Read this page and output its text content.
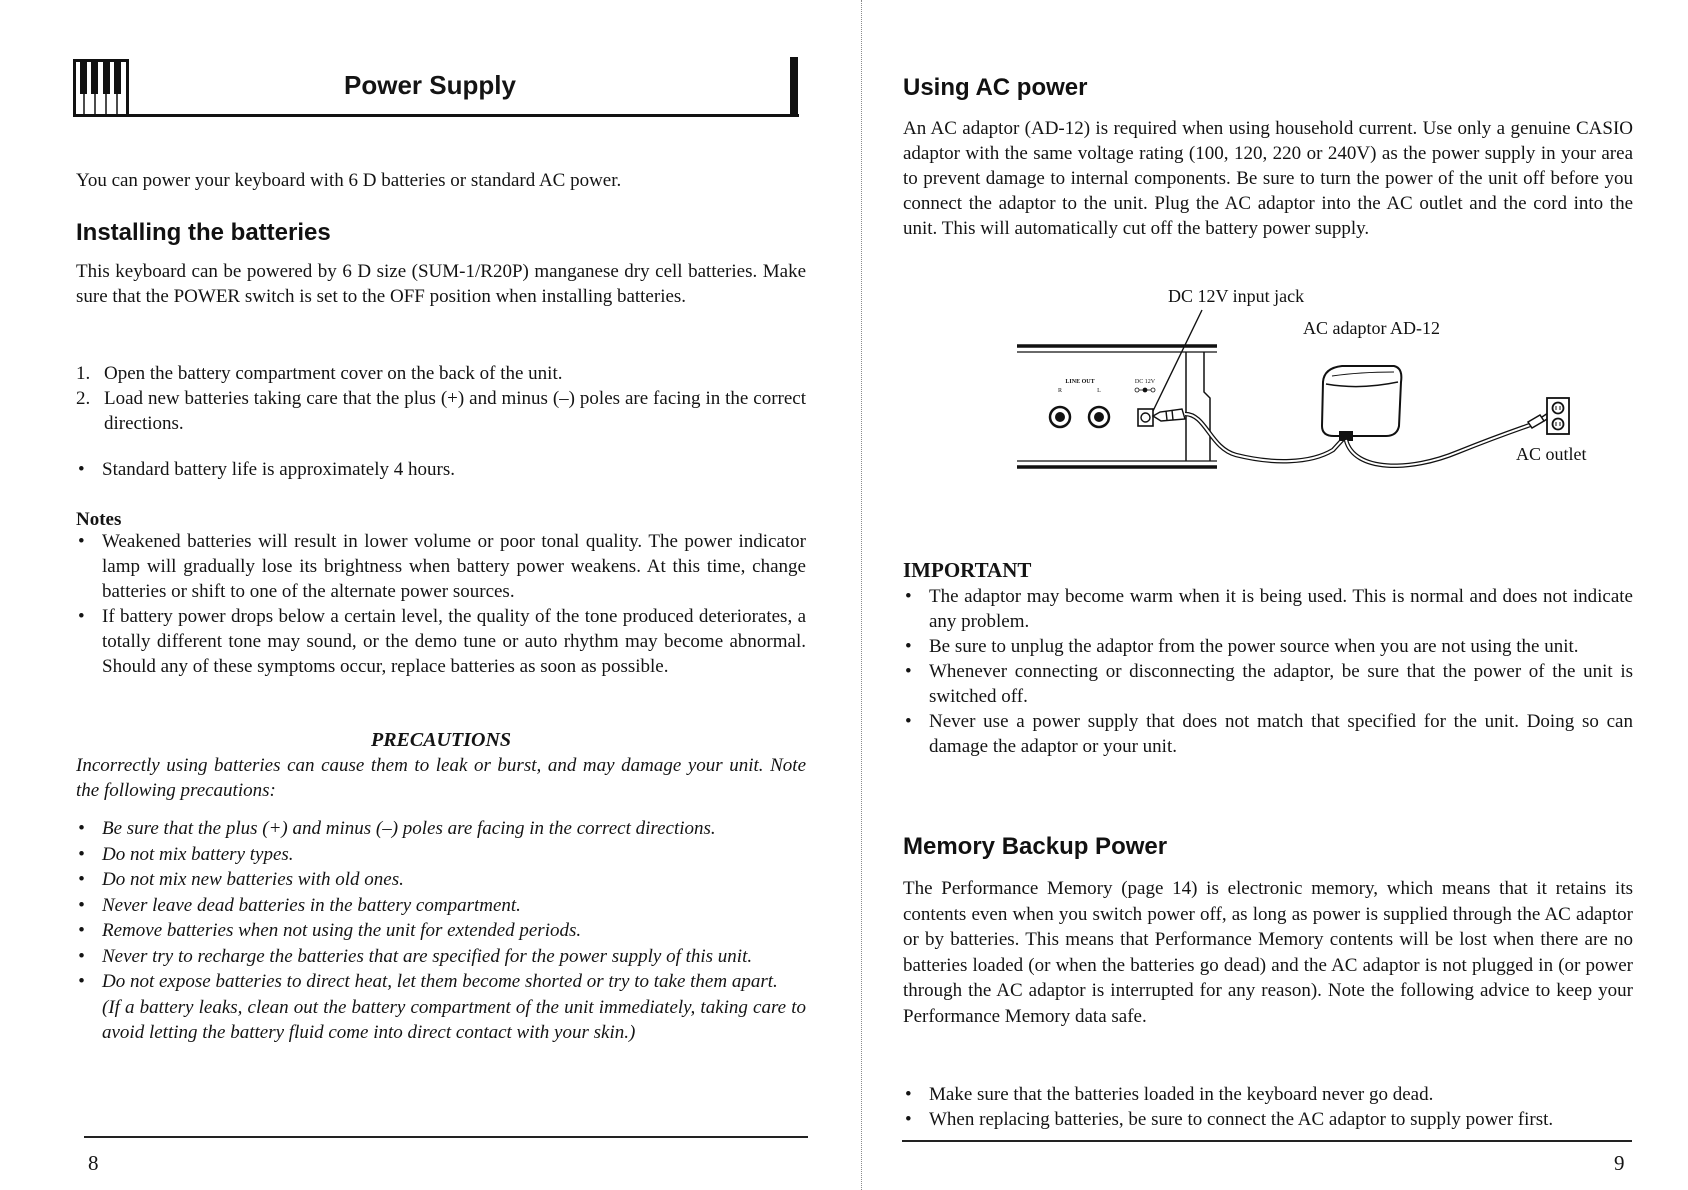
Power Supply

You can power your keyboard with 6 D batteries or standard AC power.

Installing the batteries

This keyboard can be powered by 6 D size (SUM-1/R20P) manganese dry cell batteries. Make sure that the POWER switch is set to the OFF position when installing batteries.

1. Open the battery compartment cover on the back of the unit.
2. Load new batteries taking care that the plus (+) and minus (–) poles are facing in the correct directions.
• Standard battery life is approximately 4 hours.
Notes
• Weakened batteries will result in lower volume or poor tonal quality. The power indicator lamp will gradually lose its brightness when battery power weakens. At this time, change batteries or shift to one of the alternate power sources.
• If battery power drops below a certain level, the quality of the tone produced deteriorates, a totally different tone may sound, or the demo tune or auto rhythm may become abnormal. Should any of these symptoms occur, replace batteries as soon as possible.
PRECAUTIONS

Incorrectly using batteries can cause them to leak or burst, and may damage your unit. Note the following precautions:

• Be sure that the plus (+) and minus (–) poles are facing in the correct directions.
• Do not mix battery types.
• Do not mix new batteries with old ones.
• Never leave dead batteries in the battery compartment.
• Remove batteries when not using the unit for extended periods.
• Never try to recharge the batteries that are specified for the power supply of this unit.
• Do not expose batteries to direct heat, let them become shorted or try to take them apart.

(If a battery leaks, clean out the battery compartment of the unit immediately, taking care to avoid letting the battery fluid come into direct contact with your skin.)

8
Using AC power

An AC adaptor (AD-12) is required when using household current. Use only a genuine CASIO adaptor with the same voltage rating (100, 120, 220 or 240V) as the power supply in your area to prevent damage to internal components. Be sure to turn the power of the unit off before you connect the adaptor to the unit. Plug the AC adaptor into the AC outlet and the cord into the unit. This will automatically cut off the battery power supply.

DC 12V input jack
AC adaptor AD-12
AC outlet
LINE OUT
R	L
DC 12V
IMPORTANT
• The adaptor may become warm when it is being used. This is normal and does not indicate any problem.
• Be sure to unplug the adaptor from the power source when you are not using the unit.
• Whenever connecting or disconnecting the adaptor, be sure that the power of the unit is switched off.
• Never use a power supply that does not match that specified for the unit. Doing so can damage the adaptor or your unit.
Memory Backup Power

The Performance Memory (page 14) is electronic memory, which means that it retains its contents even when you switch power off, as long as power is supplied through the AC adaptor or by batteries. This means that Performance Memory contents will be lost when there are no batteries loaded (or when the batteries go dead) and the AC adaptor is not plugged in (or power through the AC adaptor is interrupted for any reason). Note the following advice to keep your Performance Memory data safe.

• Make sure that the batteries loaded in the keyboard never go dead.
• When replacing batteries, be sure to connect the AC adaptor to supply power first.
9
